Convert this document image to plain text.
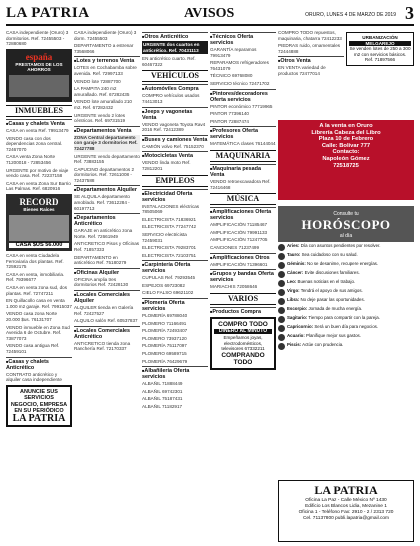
LA PATRIA	AVISOS	ORURO, LUNES 4 DE MARZO DE 2019 3
CASA independiente (Oruro) 3 dormitorios. Ref. 72455503 - 72880680
españa
PRESTAMOS DE LOS AHORROS
INMUEBLES
■ Casas y chalets Venta
CASA en venta Ref. 79913479
VENDO casa con dos dependencias zona central. 72467070
CASA venta Zona Norte 71200018 - 72853456
URGENTE por motivo de viaje vendo casa. Ref. 72237158
CASA en venta Zona Sur Barrio Las Palmas. Ref. 6820916
RECORD
Bienes Raíces
CASA $US 56.000
CASA en venta Ciudadela Ferroviaria dos plantas. Ref. 72592175
CASA en venta, inmobiliaria. Ref. 79396677
CASA en venta zona sud, dos plantas. Ref. 72747211
EN Quillacollo casa en venta 1.000 m2 garaje. Ref. 79915037
VENDO casa zona Norte 20.000 $us. 76131707
VENDO inmueble en Zona Sud Avenida 6 de Octubre. Ref. 73877073
VENDO casa antigua Ref. 72459101
■ Casas y chalets Anticrético
CONTRATO anticrético y alquiler casa independiente
ANUNCIE SUS SERVICIOS
NEGOCIO, EMPRESA
EN SU PERIÓDICO
LA PATRIA
CASA independiente (Oruro) 3 dorm. 72455503
DEPARTAMENTO a estrenar 73568066
■ Lotes y terrenos Venta
LOTES en Cochabamba sobre avenida. Ref. 72997133
VENDO lote 72887700
LA PAMPITA 240 m2 amurallado. Ref. 67282435
VENDO lote amurallado 210 m2. Ref. 67282432
URGENTE vendo 2 lotes céntricos. Ref. 69731519
■ Departamentos Venta
ZONA Central departamento con garaje 3 dormitorios Ref. 72427788
URGENTE vendo departamento Ref. 73883155
CAPUCINO departamentos 2 dormitorios. Ref. 72611008 - 72437588
■ Departamentos Alquiler
SE ALQUILA departamento amoblado. Ref. 73612284 - 60197713
■ Departamentos Anticrético
GARAJE en anticrético zona Norte. Ref. 72661949
ANTICRETICO Pisos y Oficinas Ref. 71857333
DEPARTAMENTO en anticrético Ref. 75180279
■ Oficinas Alquiler
OFICINA amplia tres dormitorios Ref. 72428130
■ Locales Comerciales Alquiler
ALQUILER tienda en Galería Ref. 72427527
ALQUILO salón Ref. 60537837
■ Locales Comerciales Anticrético
ANTICRETICO tienda zona Ranchería Ref. 72170337
■ Otros Anticrético
URGENTE dos cuartos en anticrético. Ref. 70431113
EN anticrético cuarto. Ref. 60467322
VEHÍCULOS
■ Automóviles Compra
COMPRO vehículos usados 74413013
■ Jeeps y vagonetas Venta
VENDO vagoneta Toyota Rav4 2016 Ref. 72412389
■ Buses y camiones Venta
CAMIÓN volvo Ref. 75152370
■ Motocicletas Venta
VENDO linda moto Ref. 72812201
EMPLEOS
■ Electricidad Oferta servicios
INSTALACIONES eléctricas 78505069
ELECTRICISTA 71836921
ELECTRICISTA 77247742
SERVICIO electricista 72459031
ELECTRICISTA 79283701
ELECTRICISTA 72103751
■ Carpintería Oferta servicios
CUPULAS Ref. 79293545
ESPEJOS 69723082
CIELO FALSO 69621102
■ Plomería Oferta servicios
PLOMERÍA 69788040
PLOMERO 71166491
PLOMERÍA 72493407
PLOMERO 73937120
PLOMERÍA 75117097
PLOMERO 69589715
PLOMERÍA 76429679
■ Albañilería Oferta servicios
ALBAÑIL 71888449
ALBAÑIL 69742301
ALBAÑIL 75187431
ALBAÑIL 71182917
■ Técnicos Oferta servicios
GARANTÍA reparamos 79913479
REPARAMOS refrigeradores 76431079
TÉCNICO 69768080
SERVICIO técnico 72471702
■ Pintores/decoradores Oferta servicios
PINTOR económico 77719965
PINTOR 77396140
PINTOR 72887474
■ Profesores Oferta servicios
MATEMÁTICA clases 76144044
MAQUINARIA
■ Maquinaria pesada Venta
VENDO retroexcavadora Ref. 72416468
MÚSICA
■ Amplificaciones Oferta servicios
AMPLIFICACIÓN 71185467
AMPLIFICACIÓN 79991133
AMPLIFICACIÓN 71247705
CANCIONES 71237499
■ Amplificaciones Otros
AMPLIFICACIÓN 71396601
■ Grupos y bandas Oferta servicios
MARIACHIS 72058646
VARIOS
■ Productos Compra
COMPRO TODO
DINERO AL MINUTO
Empeñamos joyas, electrodomésticos, televisores 67332211
COMPRANDO TODO
COMPRO TODO repuestos, maquinaria, chatarra 72412233
PIEDRAS ruido, ornamentales 72444888
■ Otros Venta
EN VENTA variedad de productos 72477014
URBANIZACIÓN
MELGAREJO
Se venden lotes de 250 a 300 m2 con servicios básicos. Ref. 71897566
A la venta en Oruro
Librería Cabeza del Libro
Plaza 10 de Febrero
Calle: Bolívar 777
Contacto:
Napoleón Gómez
72518725
Consulte tu
HORÓSCOPO
al día
Aries: Día con asuntos pendientes por resolver.
Tauro: Sea cuidadoso con su salud.
Géminis: No se desanime, recupere energías.
Cáncer: Evite discusiones familiares.
Leo: Buenas noticias en el trabajo.
Virgo: Tendrá el apoyo de sus amigos.
Libra: No deje pasar las oportunidades.
Escorpio: Jornada de mucha energía.
Sagitario: Tiempo para compartir con la pareja.
Capricornio: Será un buen día para negocios.
Acuario: Planifique mejor sus gastos.
Piscis: Actúe con prudencia.
LA PATRIA
Oficina La Paz - Calle México Nº 1430
Edificio Los Blancos Lidia, Mezanine 1
Oficina 1 - Teléfono Fax: 2910 - 2 / 2313 720
Cel. 71137800 publi.lapatria@gmail.com
